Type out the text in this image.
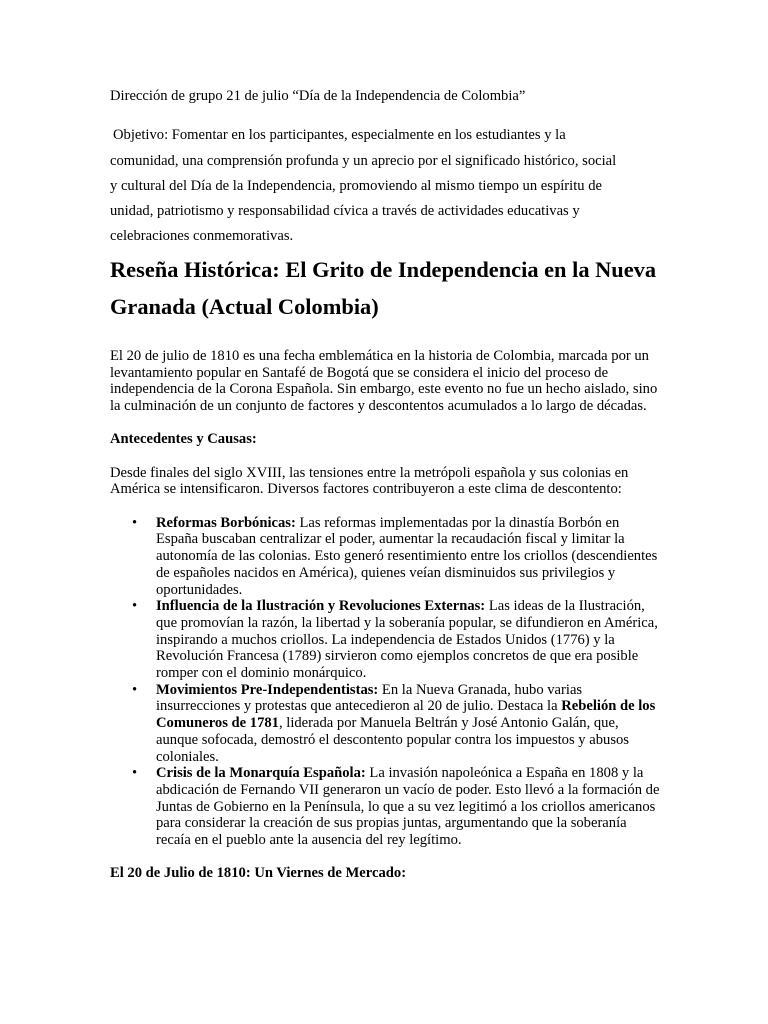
Dirección de grupo 21 de julio “Día de la Independencia de Colombia”

Objetivo: Fomentar en los participantes, especialmente en los estudiantes y la

comunidad, una comprensión profunda y un aprecio por el significado histórico, social

y cultural del Día de la Independencia, promoviendo al mismo tiempo un espíritu de

unidad, patriotismo y responsabilidad cívica a través de actividades educativas y

celebraciones conmemorativas.

Reseña Histórica: El Grito de Independencia en la Nueva Granada (Actual Colombia)

El 20 de julio de 1810 es una fecha emblemática en la historia de Colombia, marcada por un levantamiento popular en Santafé de Bogotá que se considera el inicio del proceso de independencia de la Corona Española. Sin embargo, este evento no fue un hecho aislado, sino la culminación de un conjunto de factores y descontentos acumulados a lo largo de décadas.

Antecedentes y Causas:

Desde finales del siglo XVIII, las tensiones entre la metrópoli española y sus colonias en América se intensificaron. Diversos factores contribuyeron a este clima de descontento:

• Reformas Borbónicas: Las reformas implementadas por la dinastía Borbón en España buscaban centralizar el poder, aumentar la recaudación fiscal y limitar la autonomía de las colonias. Esto generó resentimiento entre los criollos (descendientes de españoles nacidos en América), quienes veían disminuidos sus privilegios y oportunidades.
• Influencia de la Ilustración y Revoluciones Externas: Las ideas de la Ilustración, que promovían la razón, la libertad y la soberanía popular, se difundieron en América, inspirando a muchos criollos. La independencia de Estados Unidos (1776) y la Revolución Francesa (1789) sirvieron como ejemplos concretos de que era posible romper con el dominio monárquico.
• Movimientos Pre-Independentistas: En la Nueva Granada, hubo varias insurrecciones y protestas que antecedieron al 20 de julio. Destaca la Rebelión de los Comuneros de 1781, liderada por Manuela Beltrán y José Antonio Galán, que, aunque sofocada, demostró el descontento popular contra los impuestos y abusos coloniales.
• Crisis de la Monarquía Española: La invasión napoleónica a España en 1808 y la abdicación de Fernando VII generaron un vacío de poder. Esto llevó a la formación de Juntas de Gobierno en la Península, lo que a su vez legitimó a los criollos americanos para considerar la creación de sus propias juntas, argumentando que la soberanía recaía en el pueblo ante la ausencia del rey legítimo.
El 20 de Julio de 1810: Un Viernes de Mercado:
